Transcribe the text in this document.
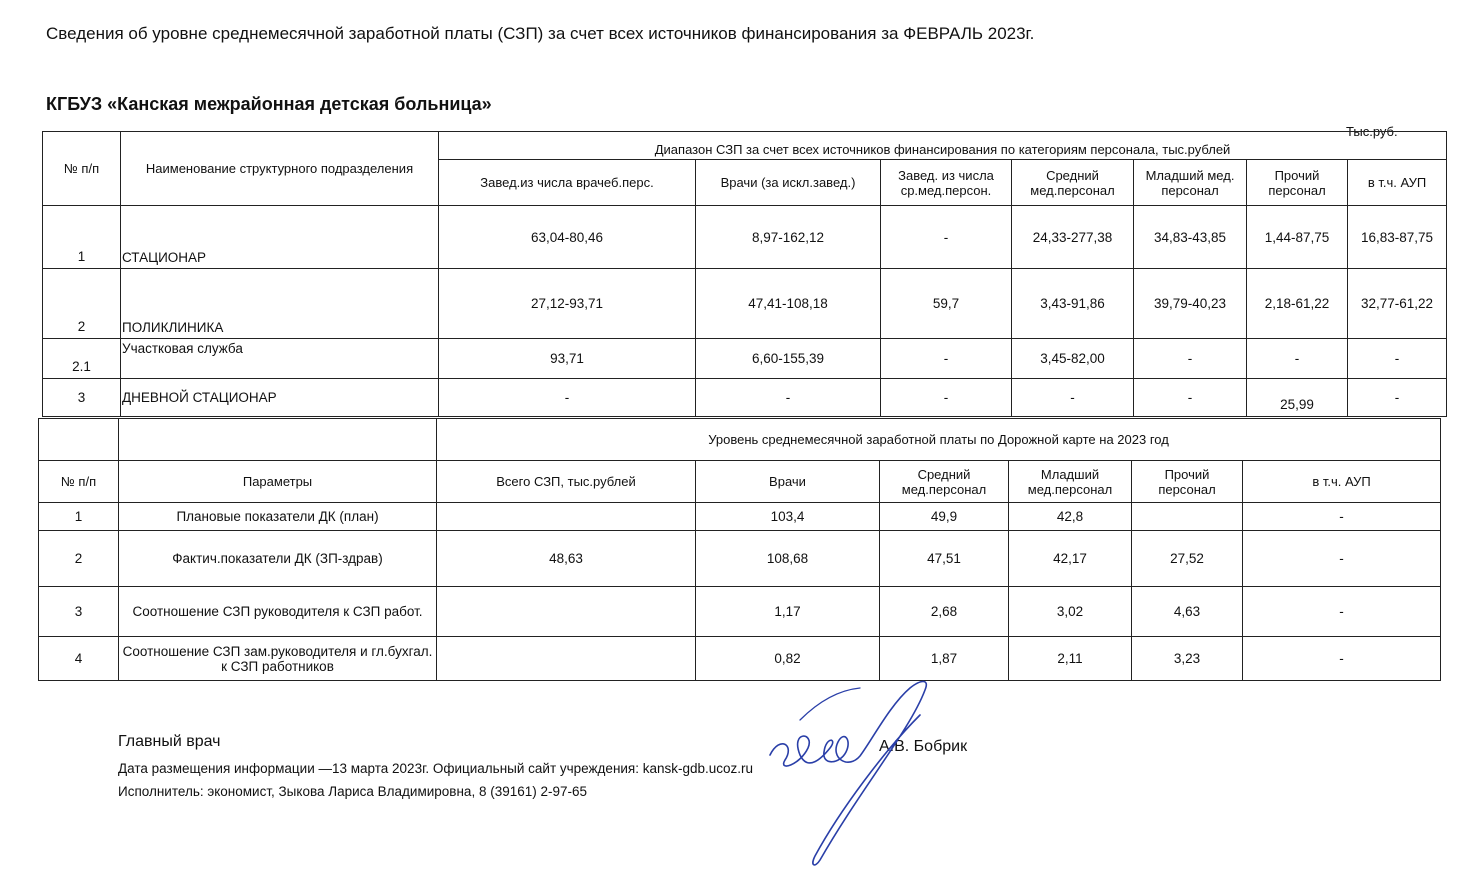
Сведения об уровне среднемесячной заработной платы (СЗП) за счет всех источников финансирования за ФЕВРАЛЬ 2023г.
КГБУЗ «Канская межрайонная детская больница»
Тыс.руб.
№ п/п	Наименование структурного подразделения	Диапазон СЗП за счет всех источников финансирования по категориям персонала, тыс.рублей						
		Завед.из числа врачеб.перс.	Врачи (за искл.завед.)	Завед. из числа ср.мед.персон.	Средний мед.персонал	Младший мед. персонал	Прочий персонал	в т.ч. АУП
1	СТАЦИОНАР	63,04-80,46	8,97-162,12	-	24,33-277,38	34,83-43,85	1,44-87,75	16,83-87,75
2	ПОЛИКЛИНИКА	27,12-93,71	47,41-108,18	59,7	3,43-91,86	39,79-40,23	2,18-61,22	32,77-61,22
2.1	Участковая служба	93,71	6,60-155,39	-	3,45-82,00	-	-	-
3	ДНЕВНОЙ СТАЦИОНАР	-	-	-	-	-	25,99	-
		Уровень среднемесячной заработной платы по Дорожной карте на 2023 год					
№ п/п	Параметры	Всего СЗП, тыс.рублей	Врачи	Средний мед.персонал	Младший мед.персонал	Прочий персонал	в т.ч. АУП
1	Плановые показатели ДК (план)		103,4	49,9	42,8		-
2	Фактич.показатели ДК (ЗП-здрав)	48,63	108,68	47,51	42,17	27,52	-
3	Соотношение СЗП руководителя к СЗП работ.		1,17	2,68	3,02	4,63	-
4	Соотношение СЗП зам.руководителя и гл.бухгал. к СЗП работников		0,82	1,87	2,11	3,23	-
Главный врач	А.В. Бобрик
Дата размещения информации —13 марта 2023г. Официальный сайт учреждения: kansk-gdb.ucoz.ru
Исполнитель: экономист, Зыкова Лариса Владимировна, 8 (39161) 2-97-65
